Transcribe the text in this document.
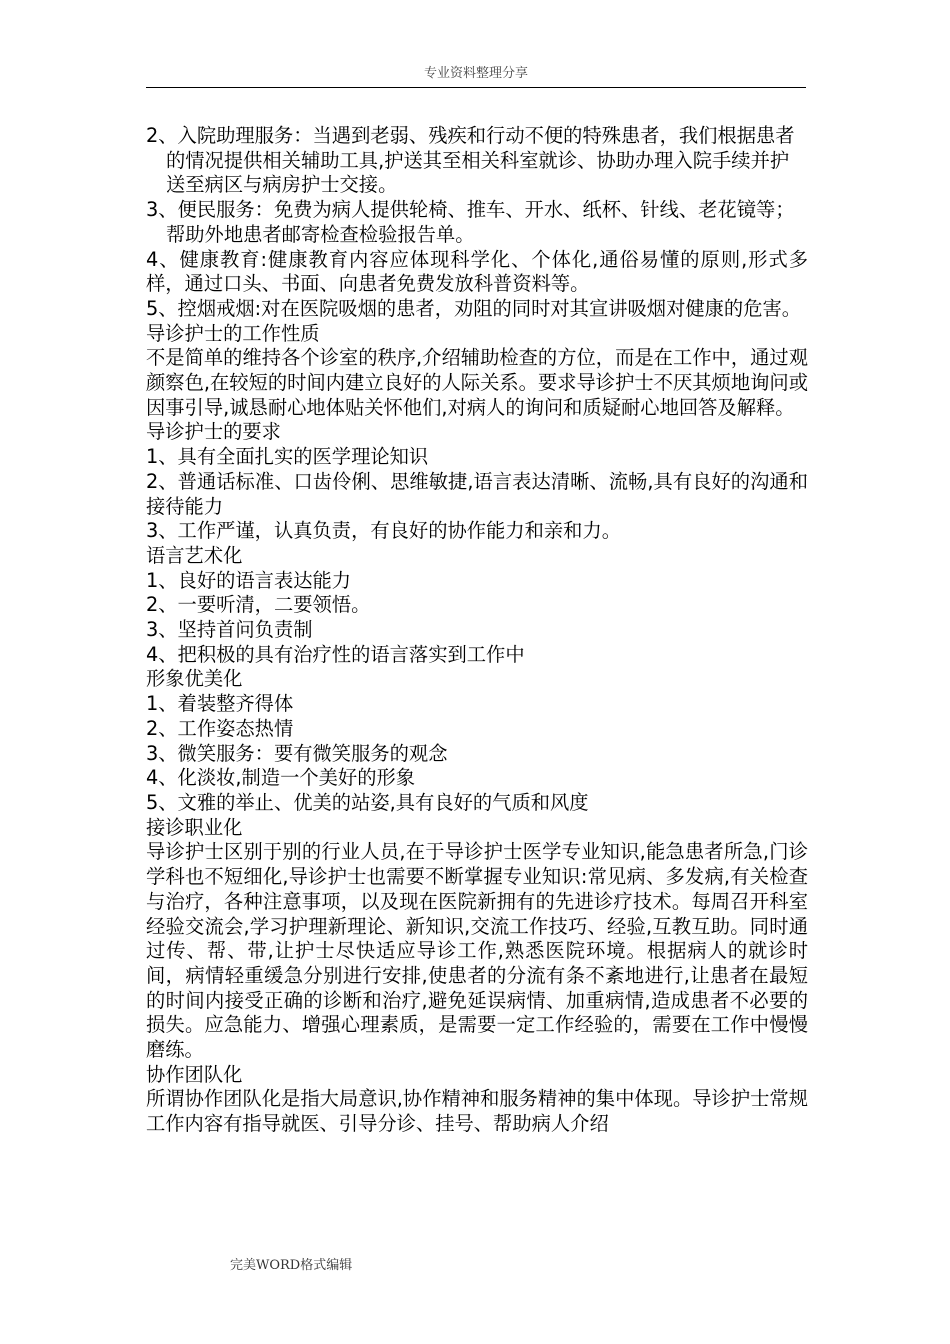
专业资料整理分享

2、入院助理服务：当遇到老弱、残疾和行动不便的特殊患者，我们根据患者的情况提供相关辅助工具,护送其至相关科室就诊、协助办理入院手续并护送至病区与病房护士交接。

3、便民服务：免费为病人提供轮椅、推车、开水、纸杯、针线、老花镜等；帮助外地患者邮寄检查检验报告单。

4、健康教育:健康教育内容应体现科学化、个体化,通俗易懂的原则,形式多样，通过口头、书面、向患者免费发放科普资料等。

5、控烟戒烟:对在医院吸烟的患者，劝阻的同时对其宣讲吸烟对健康的危害。

导诊护士的工作性质

不是简单的维持各个诊室的秩序,介绍辅助检查的方位，而是在工作中，通过观颜察色,在较短的时间内建立良好的人际关系。要求导诊护士不厌其烦地询问或因事引导,诚恳耐心地体贴关怀他们,对病人的询问和质疑耐心地回答及解释。

导诊护士的要求

1、具有全面扎实的医学理论知识

2、普通话标准、口齿伶俐、思维敏捷,语言表达清晰、流畅,具有良好的沟通和接待能力

3、工作严谨，认真负责，有良好的协作能力和亲和力。

语言艺术化

1、良好的语言表达能力

2、一要听清，二要领悟。

3、坚持首问负责制

4、把积极的具有治疗性的语言落实到工作中

形象优美化

1、着装整齐得体

2、工作姿态热情

3、微笑服务：要有微笑服务的观念

4、化淡妆,制造一个美好的形象

5、文雅的举止、优美的站姿,具有良好的气质和风度

接诊职业化

导诊护士区别于别的行业人员,在于导诊护士医学专业知识,能急患者所急,门诊学科也不短细化,导诊护士也需要不断掌握专业知识:常见病、多发病,有关检查与治疗，各种注意事项，以及现在医院新拥有的先进诊疗技术。每周召开科室经验交流会,学习护理新理论、新知识,交流工作技巧、经验,互教互助。同时通过传、帮、带,让护士尽快适应导诊工作,熟悉医院环境。根据病人的就诊时间，病情轻重缓急分别进行安排,使患者的分流有条不紊地进行,让患者在最短的时间内接受正确的诊断和治疗,避免延误病情、加重病情,造成患者不必要的损失。应急能力、增强心理素质，是需要一定工作经验的，需要在工作中慢慢磨练。

协作团队化

所谓协作团队化是指大局意识,协作精神和服务精神的集中体现。导诊护士常规工作内容有指导就医、引导分诊、挂号、帮助病人介绍

完美WORD格式编辑
